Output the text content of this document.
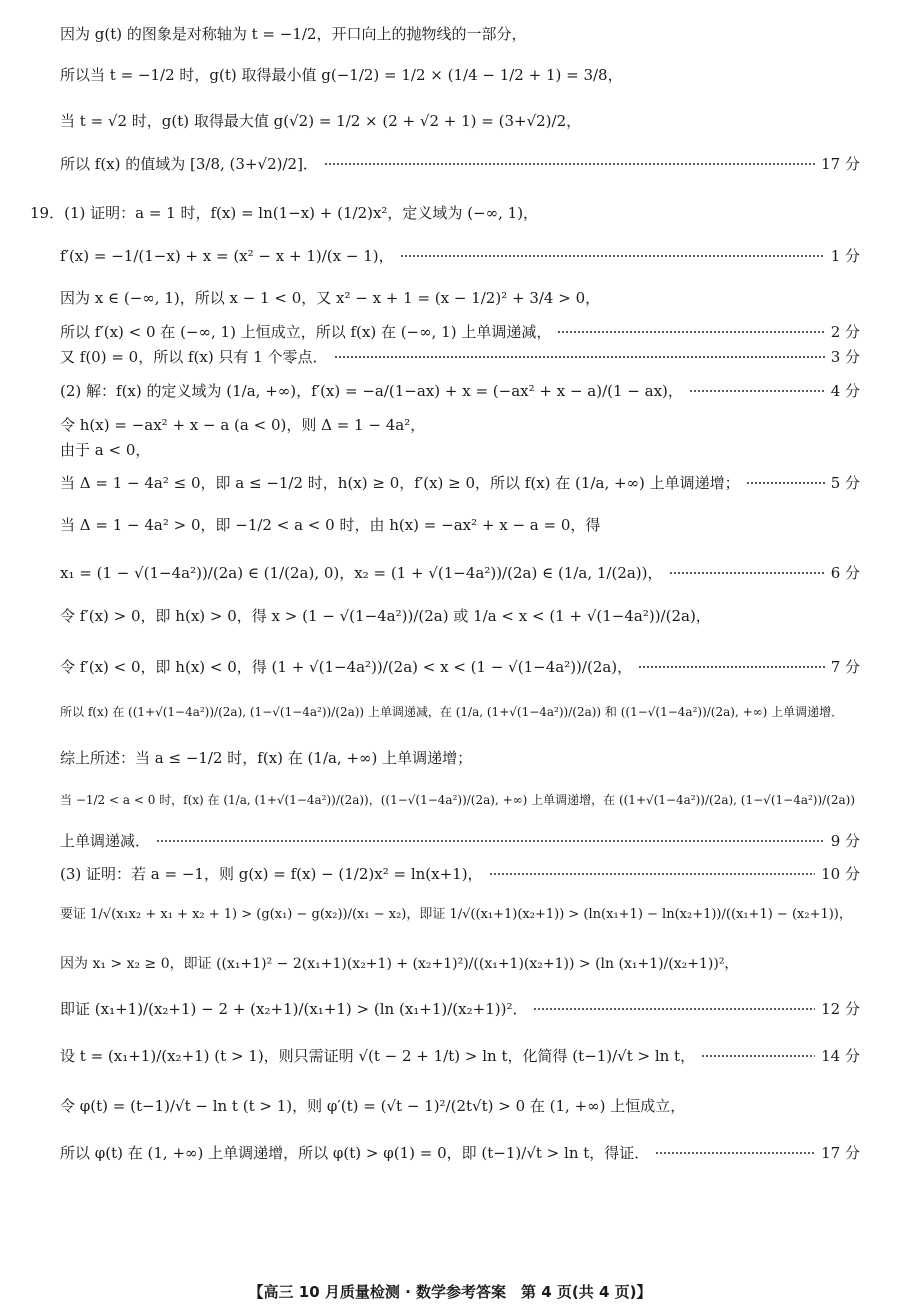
因为 g(t) 的图象是对称轴为 t = −1/2，开口向上的抛物线的一部分，
所以当 t = −1/2 时，g(t) 取得最小值 g(−1/2) = 1/2 × (1/4 − 1/2 + 1) = 3/8，
当 t = √2 时，g(t) 取得最大值 g(√2) = 1/2 × (2 + √2 + 1) = (3+√2)/2，
所以 f(x) 的值域为 [3/8, (3+√2)/2]．	17 分
19．(1) 证明：a = 1 时，f(x) = ln(1−x) + (1/2)x²，定义域为 (−∞, 1)，
f′(x) = −1/(1−x) + x = (x² − x + 1)/(x − 1)，	1 分
因为 x ∈ (−∞, 1)，所以 x − 1 < 0，又 x² − x + 1 = (x − 1/2)² + 3/4 > 0，
所以 f′(x) < 0 在 (−∞, 1) 上恒成立，所以 f(x) 在 (−∞, 1) 上单调递减，	2 分
又 f(0) = 0，所以 f(x) 只有 1 个零点．	3 分
(2) 解：f(x) 的定义域为 (1/a, +∞)，f′(x) = −a/(1−ax) + x = (−ax² + x − a)/(1 − ax)，	4 分
令 h(x) = −ax² + x − a (a < 0)，则 Δ = 1 − 4a²，
由于 a < 0，
当 Δ = 1 − 4a² ≤ 0，即 a ≤ −1/2 时，h(x) ≥ 0，f′(x) ≥ 0，所以 f(x) 在 (1/a, +∞) 上单调递增；	5 分
当 Δ = 1 − 4a² > 0，即 −1/2 < a < 0 时，由 h(x) = −ax² + x − a = 0，得
x₁ = (1 − √(1−4a²))/(2a) ∈ (1/(2a), 0)，x₂ = (1 + √(1−4a²))/(2a) ∈ (1/a, 1/(2a))，	6 分
令 f′(x) > 0，即 h(x) > 0，得 x > (1 − √(1−4a²))/(2a) 或 1/a < x < (1 + √(1−4a²))/(2a)，
令 f′(x) < 0，即 h(x) < 0，得 (1 + √(1−4a²))/(2a) < x < (1 − √(1−4a²))/(2a)，	7 分
所以 f(x) 在 ((1+√(1−4a²))/(2a), (1−√(1−4a²))/(2a)) 上单调递减，在 (1/a, (1+√(1−4a²))/(2a)) 和 ((1−√(1−4a²))/(2a), +∞) 上单调递增．
综上所述：当 a ≤ −1/2 时，f(x) 在 (1/a, +∞) 上单调递增；
当 −1/2 < a < 0 时，f(x) 在 (1/a, (1+√(1−4a²))/(2a))，((1−√(1−4a²))/(2a), +∞) 上单调递增，在 ((1+√(1−4a²))/(2a), (1−√(1−4a²))/(2a))
上单调递减．	9 分
(3) 证明：若 a = −1，则 g(x) = f(x) − (1/2)x² = ln(x+1)，	10 分
要证 1/√(x₁x₂ + x₁ + x₂ + 1) > (g(x₁) − g(x₂))/(x₁ − x₂)，即证 1/√((x₁+1)(x₂+1)) > (ln(x₁+1) − ln(x₂+1))/((x₁+1) − (x₂+1))，
因为 x₁ > x₂ ≥ 0，即证 ((x₁+1)² − 2(x₁+1)(x₂+1) + (x₂+1)²)/((x₁+1)(x₂+1)) > (ln (x₁+1)/(x₂+1))²，
即证 (x₁+1)/(x₂+1) − 2 + (x₂+1)/(x₁+1) > (ln (x₁+1)/(x₂+1))²．	12 分
设 t = (x₁+1)/(x₂+1) (t > 1)，则只需证明 √(t − 2 + 1/t) > ln t，化简得 (t−1)/√t > ln t，	14 分
令 φ(t) = (t−1)/√t − ln t (t > 1)，则 φ′(t) = (√t − 1)²/(2t√t) > 0 在 (1, +∞) 上恒成立，
所以 φ(t) 在 (1, +∞) 上单调递增，所以 φ(t) > φ(1) = 0，即 (t−1)/√t > ln t，得证．	17 分
【高三 10 月质量检测 · 数学参考答案　第 4 页(共 4 页)】
